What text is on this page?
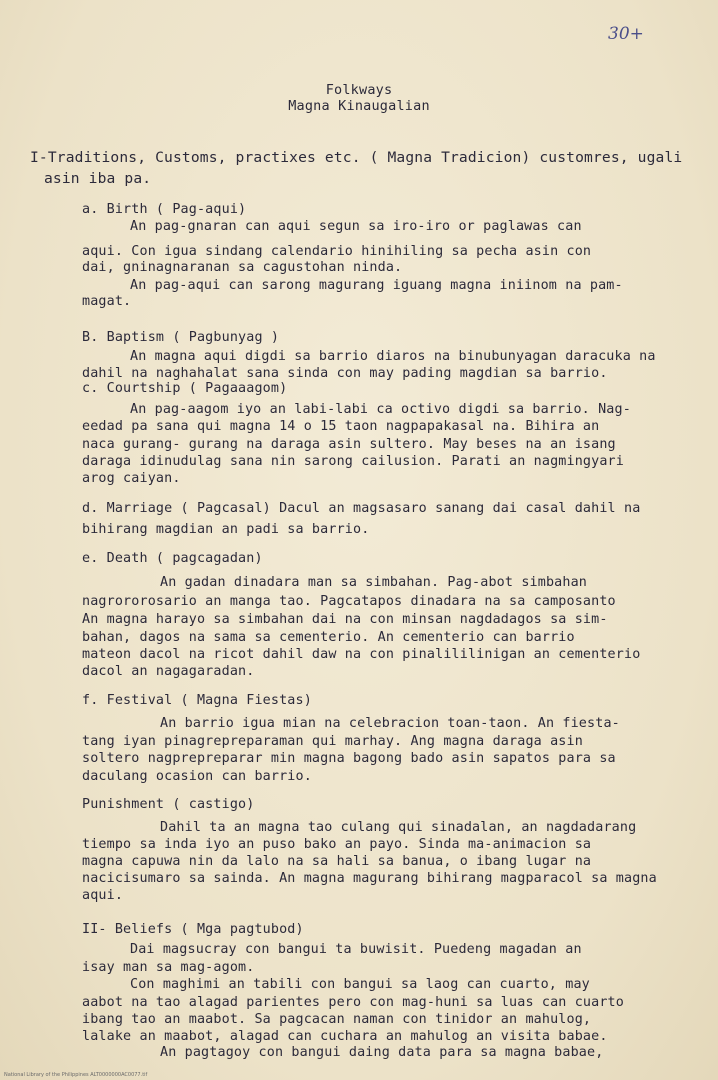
30+
Folkways
Magna Kinaugalian
I-Traditions, Customs, practixes etc. ( Magna Tradicion) customres, ugali
asin iba pa.
a. Birth ( Pag-aqui)
An pag-gnaran can aqui segun sa iro-iro or paglawas can
aqui. Con igua sindang calendario hinihiling sa pecha asin con
dai, gninagnaranan sa cagustohan ninda.
An pag-aqui can sarong magurang iguang magna iniinom na pam-
magat.
B. Baptism ( Pagbunyag )
An magna aqui digdi sa barrio diaros na binubunyagan daracuka na
dahil na naghahalat sana sinda con may pading magdian sa barrio.
c. Courtship ( Pagaaagom)
An pag-aagom iyo an labi-labi ca octivo digdi sa barrio. Nag-
eedad pa sana qui magna 14 o 15 taon nagpapakasal na. Bihira an
naca gurang- gurang na daraga asin sultero. May beses na an isang
daraga idinudulag sana nin sarong cailusion. Parati an nagmingyari
arog caiyan.
d. Marriage ( Pagcasal) Dacul an magsasaro sanang dai casal dahil na
bihirang magdian an padi sa barrio.
e. Death ( pagcagadan)
An gadan dinadara man sa simbahan. Pag-abot simbahan
nagrororosario an manga tao. Pagcatapos dinadara na sa camposanto
An magna harayo sa simbahan dai na con minsan nagdadagos sa sim-
bahan, dagos na sama sa cementerio. An cementerio can barrio
mateon dacol na ricot dahil daw na con pinalililinigan an cementerio
dacol an nagagaradan.
f. Festival ( Magna Fiestas)
An barrio igua mian na celebracion toan-taon. An fiesta-
tang iyan pinagrepreparaman qui marhay. Ang magna daraga asin
soltero nagprepreparar min magna bagong bado asin sapatos para sa
daculang ocasion can barrio.
Punishment ( castigo)
Dahil ta an magna tao culang qui sinadalan, an nagdadarang
tiempo sa inda iyo an puso bako an payo. Sinda ma-animacion sa
magna capuwa nin da lalo na sa hali sa banua, o ibang lugar na
nacicisumaro sa sainda. An magna magurang bihirang magparacol sa magna
aqui.
II- Beliefs ( Mga pagtubod)
Dai magsucray con bangui ta buwisit. Puedeng magadan an
isay man sa mag-agom.
Con maghimi an tabili con bangui sa laog can cuarto, may
aabot na tao alagad parientes pero con mag-huni sa luas can cuarto
ibang tao an maabot. Sa pagcacan naman con tinidor an mahulog,
lalake an maabot, alagad can cuchara an mahulog an visita babae.
An pagtagoy con bangui daing data para sa magna babae,
National Library of the Philippines ALT0000000AC0077.tif
